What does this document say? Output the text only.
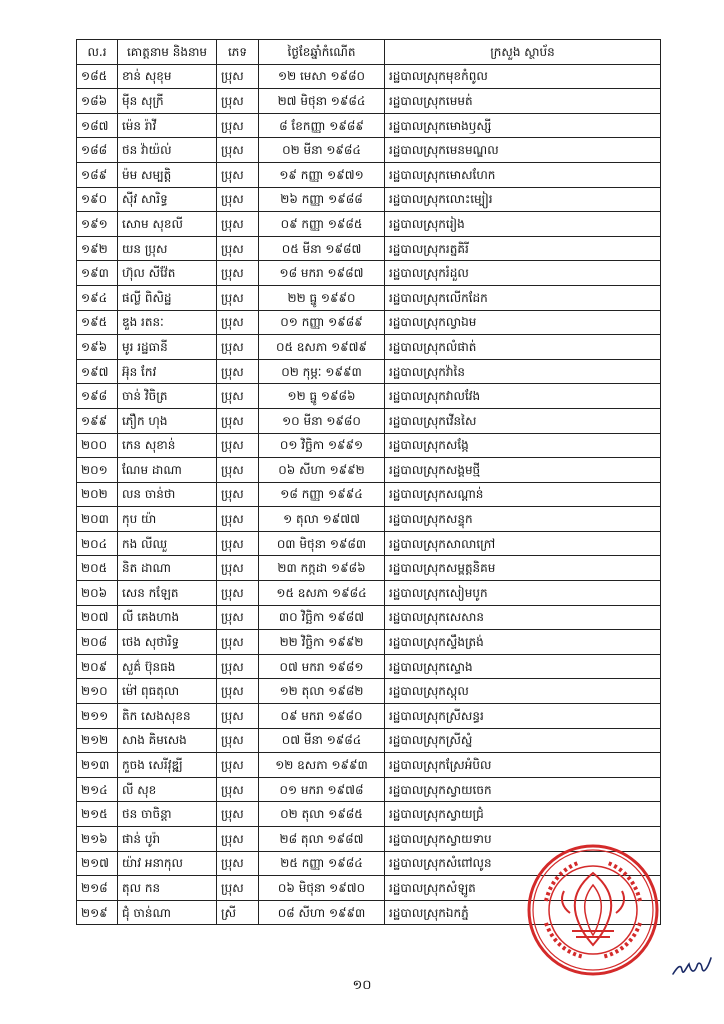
ល.រ	គោត្តនាម និងនាម	ភេទ	ថ្ងៃខែឆ្នាំកំណើត	ក្រសួង ស្ថាប័ន
១៨៥	ខាន់ សុខុម	ប្រុស	១២ មេសា ១៩៨០	រដ្ឋបាលស្រុកមុខកំពូល
១៨៦	ម៉ីន សុក្រី	ប្រុស	២៧ មិថុនា ១៩៨៤	រដ្ឋបាលស្រុកមេមត់
១៨៧	ម៉េន រ៉ាវី	ប្រុស	៨ ខែកញ្ញា ១៩៨៩	រដ្ឋបាលស្រុកមោងឫស្សី
១៨៨	ថន វ៉ាយ៉ល់	ប្រុស	០២ មីនា ១៩៨៤	រដ្ឋបាលស្រុកមេនមណ្ឌល
១៨៩	ម៉ម សម្បត្តិ	ប្រុស	១៩ កញ្ញា ១៩៧១	រដ្ឋបាលស្រុកមោសហែក
១៩០	ស៊ីវ សារិទ្ធ	ប្រុស	២៦ កញ្ញា ១៩៨៨	រដ្ឋបាលស្រុកលោះម្បៀរ
១៩១	សោម សុខលី	ប្រុស	០៩ កញ្ញា ១៩៨៥	រដ្ឋបាលស្រុករៀង
១៩២	យន ប្រុស	ប្រុស	០៥ មីនា ១៩៨៧	រដ្ឋបាលស្រុករត្នគិរី
១៩៣	ហ៊ុល សីវ៉ែត	ប្រុស	១៨ មករា ១៩៨៧	រដ្ឋបាលស្រុករំដួល
១៩៤	ផល្លី ពិសិដ្ឋ	ប្រុស	២២ ធ្នូ ១៩៩០	រដ្ឋបាលស្រុកលើកដែក
១៩៥	ឌួង រតនៈ	ប្រុស	០១ កញ្ញា ១៩៨៩	រដ្ឋបាលស្រុកល្វាឯម
១៩៦	មូរ រដ្ឋធានី	ប្រុស	០៥ ឧសភា ១៩៧៩	រដ្ឋបាលស្រុកលំផាត់
១៩៧	អ៊ុន កែវ	ប្រុស	០២ កុម្ភៈ ១៩៩៣	រដ្ឋបាលស្រុកវ៉ានៃ
១៩៨	ចាន់ វិចិត្រ	ប្រុស	១២ ធ្នូ ១៩៨៦	រដ្ឋបាលស្រុកវាលវែង
១៩៩	ភឿក ហុង	ប្រុស	១០ មីនា ១៩៨០	រដ្ឋបាលស្រុកវើនសៃ
២០០	កេន សុខាន់	ប្រុស	០១ វិច្ឆិកា ១៩៩១	រដ្ឋបាលស្រុកសង្កែ
២០១	ណែម ដាណា	ប្រុស	០៦ សីហា ១៩៩២	រដ្ឋបាលស្រុកសង្គមថ្មី
២០២	លន ចាន់ថា	ប្រុស	១៨ កញ្ញា ១៩៩៤	រដ្ឋបាលស្រុកសណ្ដាន់
២០៣	កុប យ៉ា	ប្រុស	១ តុលា ១៩៧៧	រដ្ឋបាលស្រុកសន្ទុក
២០៤	កង លីឈួ	ប្រុស	០៣ មិថុនា ១៩៨៣	រដ្ឋបាលស្រុកសាលាក្រៅ
២០៥	និត ដាណា	ប្រុស	២៣ កក្កដា ១៩៨៦	រដ្ឋបាលស្រុកសម្ពត្តនិគម
២០៦	សេន កឡែត	ប្រុស	១៥ ឧសភា ១៩៨៤	រដ្ឋបាលស្រុកសៀមបូក
២០៧	លី គេងហាង	ប្រុស	៣០ វិច្ឆិកា ១៩៨៧	រដ្ឋបាលស្រុកសេសាន
២០៨	ថេង សុថារិទ្ធ	ប្រុស	២២ វិច្ឆិកា ១៩៩២	រដ្ឋបាលស្រុកស្ទឹងត្រង់
២០៩	សួគ៌ ប៊ុនធង	ប្រុស	០៧ មករា ១៩៨១	រដ្ឋបាលស្រុកស្ទោង
២១០	ម៉ៅ ពុធតុលា	ប្រុស	១២ តុលា ១៩៨២	រដ្ឋបាលស្រុកស្តុល
២១១	តិក សេងសុខន	ប្រុស	០៩ មករា ១៩៨០	រដ្ឋបាលស្រុកស្រីសន្ធរ
២១២	សាង គិមសេង	ប្រុស	០៧ មីនា ១៩៨៤	រដ្ឋបាលស្រុកស្រីស្នំ
២១៣	កួចង សេរីវុឌ្ឍី	ប្រុស	១២ ឧសភា ១៩៩៣	រដ្ឋបាលស្រុកស្រែអំបិល
២១៤	លី សុខ	ប្រុស	០១ មករា ១៩៧៨	រដ្ឋបាលស្រុកស្វាយចេក
២១៥	ថន ចាចិន្តា	ប្រុស	០២ តុលា ១៩៨៥	រដ្ឋបាលស្រុកស្វាយជ្រំ
២១៦	ផាន់ បូរ៉ា	ប្រុស	២៨ តុលា ១៩៨៧	រដ្ឋបាលស្រុកស្វាយទាប
២១៧	យ៉ាវ អនាកុល	ប្រុស	២៥ កញ្ញា ១៩៨៤	រដ្ឋបាលស្រុកសំពៅលូន
២១៨	តុល កន	ប្រុស	០៦ មិថុនា ១៩៧០	រដ្ឋបាលស្រុកសំឡូត
២១៩	ជុំ ចាន់ណា	ស្រី	០៨ សីហា ១៩៩៣	រដ្ឋបាលស្រុកឯកភ្នំ
១០
